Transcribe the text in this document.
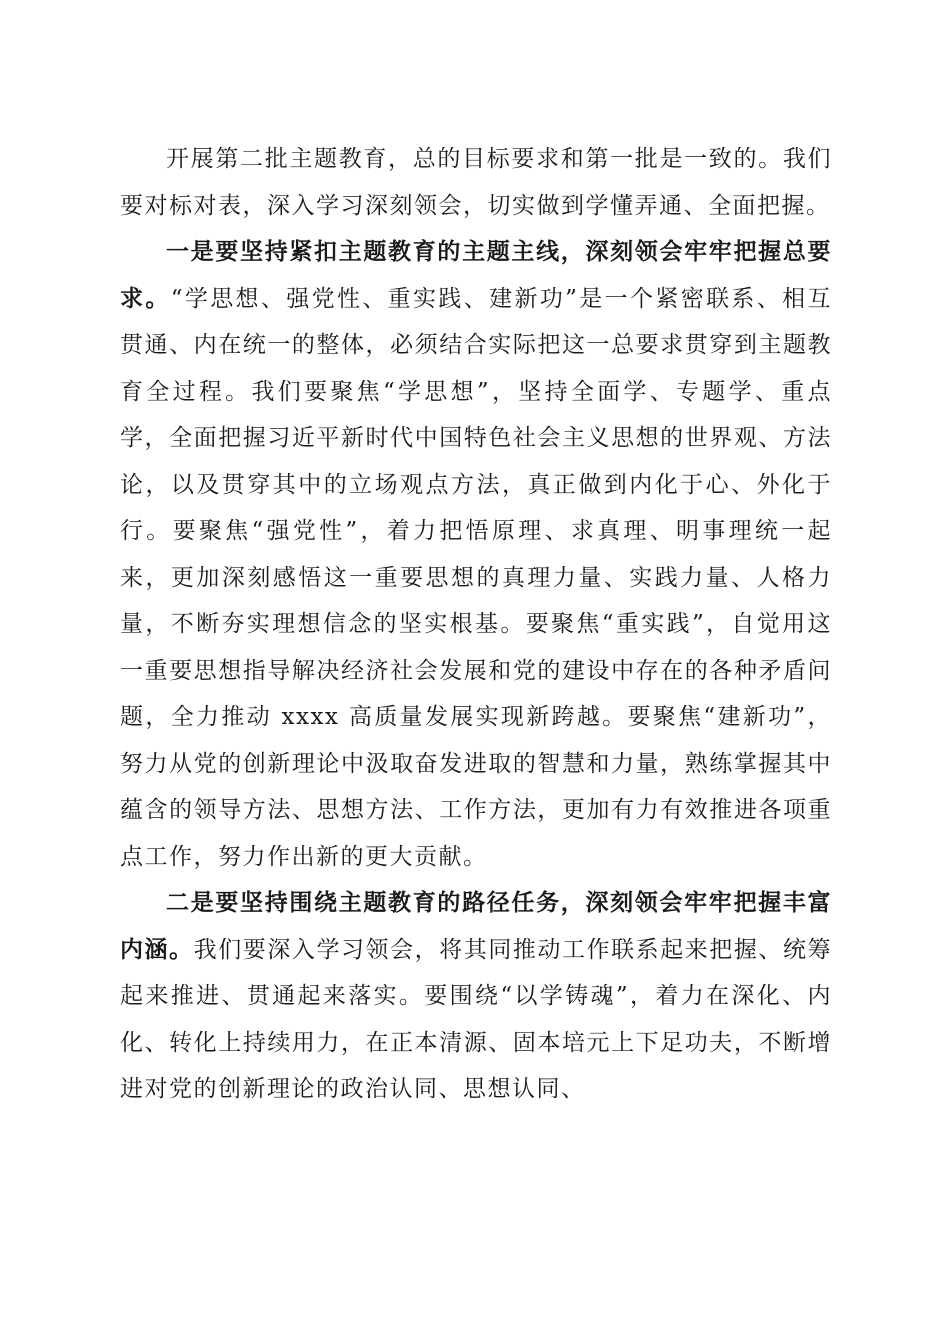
开展第二批主题教育，总的目标要求和第一批是一致的。我们要对标对表，深入学习深刻领会，切实做到学懂弄通、全面把握。

一是要坚持紧扣主题教育的主题主线，深刻领会牢牢把握总要求。“学思想、强党性、重实践、建新功”是一个紧密联系、相互贯通、内在统一的整体，必须结合实际把这一总要求贯穿到主题教育全过程。我们要聚焦“学思想”，坚持全面学、专题学、重点学，全面把握习近平新时代中国特色社会主义思想的世界观、方法论，以及贯穿其中的立场观点方法，真正做到内化于心、外化于行。要聚焦“强党性”，着力把悟原理、求真理、明事理统一起来，更加深刻感悟这一重要思想的真理力量、实践力量、人格力量，不断夯实理想信念的坚实根基。要聚焦“重实践”，自觉用这一重要思想指导解决经济社会发展和党的建设中存在的各种矛盾问题，全力推动 xxxx 高质量发展实现新跨越。要聚焦“建新功”，努力从党的创新理论中汲取奋发进取的智慧和力量，熟练掌握其中蕴含的领导方法、思想方法、工作方法，更加有力有效推进各项重点工作，努力作出新的更大贡献。

二是要坚持围绕主题教育的路径任务，深刻领会牢牢把握丰富内涵。我们要深入学习领会，将其同推动工作联系起来把握、统筹起来推进、贯通起来落实。要围绕“以学铸魂”，着力在深化、内化、转化上持续用力，在正本清源、固本培元上下足功夫，不断增进对党的创新理论的政治认同、思想认同、
